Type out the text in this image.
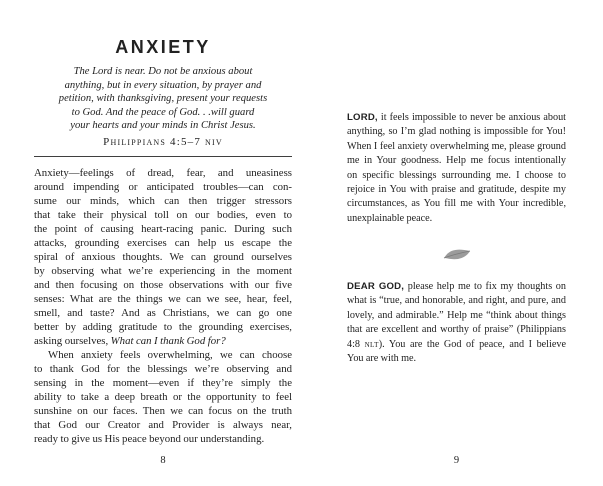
ANXIETY
The Lord is near. Do not be anxious about
anything, but in every situation, by prayer and
petition, with thanksgiving, present your requests
to God. And the peace of God. . .will guard
your hearts and your minds in Christ Jesus.
Philippians 4:5–7 niv
Anxiety—feelings of dread, fear, and uneasiness
around impending or anticipated troubles—can con-
sume our minds, which can then trigger stressors
that take their physical toll on our bodies, even to
the point of causing heart-racing panic. During such
attacks, grounding exercises can help us escape the
spiral of anxious thoughts. We can ground ourselves
by observing what we’re experiencing in the moment
and then focusing on those observations with our five
senses: What are the things we can we see, hear, feel,
smell, and taste? And as Christians, we can go one
better by adding gratitude to the grounding exercises,
asking ourselves, What can I thank God for?
When anxiety feels overwhelming, we can choose
to thank God for the blessings we’re observing and
sensing in the moment—even if they’re simply the
ability to take a deep breath or the opportunity to feel
sunshine on our faces. Then we can focus on the truth
that God our Creator and Provider is always near,
ready to give us His peace beyond our understanding.
8
LORD, it feels impossible to never be anxious about
anything, so I’m glad nothing is impossible for You!
When I feel anxiety overwhelming me, please ground
me in Your goodness. Help me focus intentionally
on specific blessings surrounding me. I choose to
rejoice in You with praise and gratitude, despite my
circumstances, as You fill me with Your incredible,
unexplainable peace.
DEAR GOD, please help me to fix my thoughts on
what is “true, and honorable, and right, and pure, and
lovely, and admirable.” Help me “think about things
that are excellent and worthy of praise” (Philippians
4:8 nlt). You are the God of peace, and I believe
You are with me.
9
